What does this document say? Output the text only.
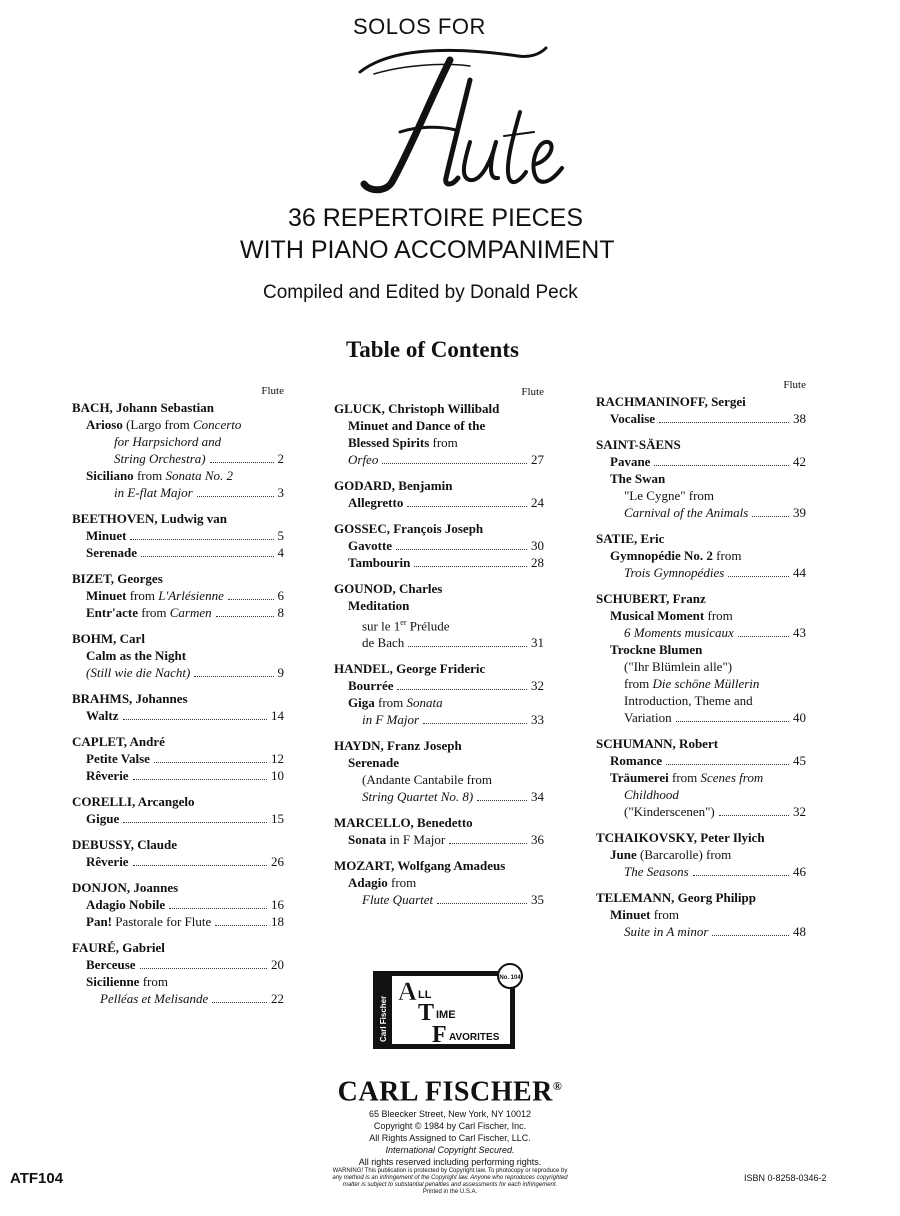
SOLOS FOR
Flute
36 REPERTOIRE PIECES
WITH PIANO ACCOMPANIMENT
Compiled and Edited by Donald Peck
Table of Contents
Flute
BACH, Johann Sebastian
Arioso (Largo from Concerto
for Harpsichord and
String Orchestra)	2
Siciliano from Sonata No. 2
in E-flat Major	3
BEETHOVEN, Ludwig van
Minuet	5
Serenade	4
BIZET, Georges
Minuet from L'Arlésienne	6
Entr'acte from Carmen	8
BOHM, Carl
Calm as the Night
(Still wie die Nacht)	9
BRAHMS, Johannes
Waltz	14
CAPLET, André
Petite Valse	12
Rêverie	10
CORELLI, Arcangelo
Gigue	15
DEBUSSY, Claude
Rêverie	26
DONJON, Joannes
Adagio Nobile	16
Pan! Pastorale for Flute	18
FAURÉ, Gabriel
Berceuse	20
Sicilienne from
Pelléas et Melisande	22
Flute
GLUCK, Christoph Willibald
Minuet and Dance of the
Blessed Spirits from
Orfeo	27
GODARD, Benjamin
Allegretto	24
GOSSEC, François Joseph
Gavotte	30
Tambourin	28
GOUNOD, Charles
Meditation
sur le 1er Prélude
de Bach	31
HANDEL, George Frideric
Bourrée	32
Giga from Sonata
in F Major	33
HAYDN, Franz Joseph
Serenade
(Andante Cantabile from
String Quartet No. 8)	34
MARCELLO, Benedetto
Sonata in F Major	36
MOZART, Wolfgang Amadeus
Adagio from
Flute Quartet	35
Flute
RACHMANINOFF, Sergei
Vocalise	38
SAINT-SÄENS
Pavane	42
The Swan
"Le Cygne" from
Carnival of the Animals	39
SATIE, Eric
Gymnopédie No. 2 from
Trois Gymnopédies	44
SCHUBERT, Franz
Musical Moment from
6 Moments musicaux	43
Trockne Blumen
("Ihr Blümlein alle")
from Die schöne Müllerin
Introduction, Theme and
Variation	40
SCHUMANN, Robert
Romance	45
Träumerei from Scenes from
Childhood
("Kinderscenen")	32
TCHAIKOVSKY, Peter Ilyich
June (Barcarolle) from
The Seasons	46
TELEMANN, Georg Philipp
Minuet from
Suite in A minor	48
Carl Fischer
No. 104
A LL
T IME
F AVORITES
CARL FISCHER®
65 Bleecker Street, New York, NY 10012
Copyright © 1984 by Carl Fischer, Inc.
All Rights Assigned to Carl Fischer, LLC.
International Copyright Secured.
All rights reserved including performing rights.
WARNING! This publication is protected by Copyright law. To photocopy or reproduce by
any method is an infringement of the Copyright law. Anyone who reproduces copyrighted
matter is subject to substantial penalties and assessments for each infringement.
Printed in the U.S.A.
ATF104	ISBN 0-8258-0346-2
